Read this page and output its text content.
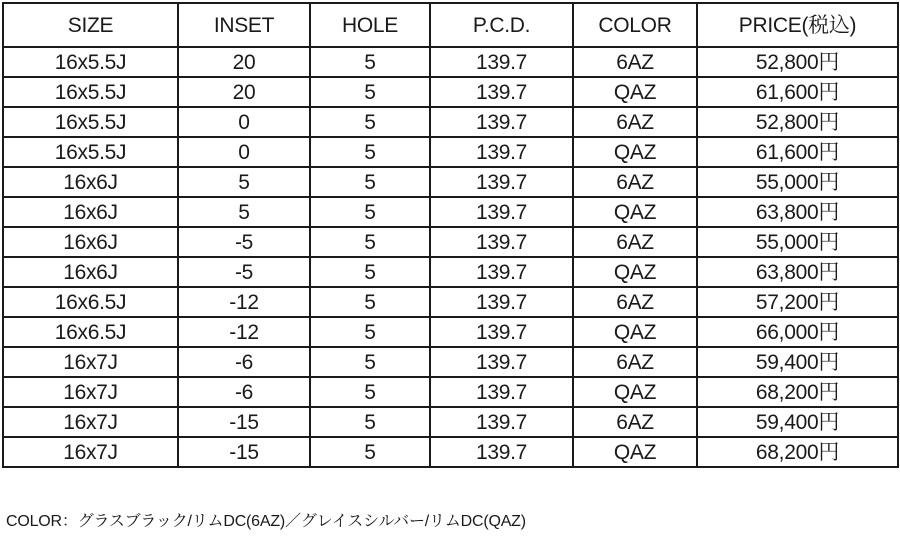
SIZE	INSET	HOLE	P.C.D.	COLOR	PRICE(税込)
16x5.5J	20	5	139.7	6AZ	52,800円
16x5.5J	20	5	139.7	QAZ	61,600円
16x5.5J	0	5	139.7	6AZ	52,800円
16x5.5J	0	5	139.7	QAZ	61,600円
16x6J	5	5	139.7	6AZ	55,000円
16x6J	5	5	139.7	QAZ	63,800円
16x6J	-5	5	139.7	6AZ	55,000円
16x6J	-5	5	139.7	QAZ	63,800円
16x6.5J	-12	5	139.7	6AZ	57,200円
16x6.5J	-12	5	139.7	QAZ	66,000円
16x7J	-6	5	139.7	6AZ	59,400円
16x7J	-6	5	139.7	QAZ	68,200円
16x7J	-15	5	139.7	6AZ	59,400円
16x7J	-15	5	139.7	QAZ	68,200円
COLOR：グラスブラック/リムDC(6AZ)／グレイスシルバー/リムDC(QAZ)
